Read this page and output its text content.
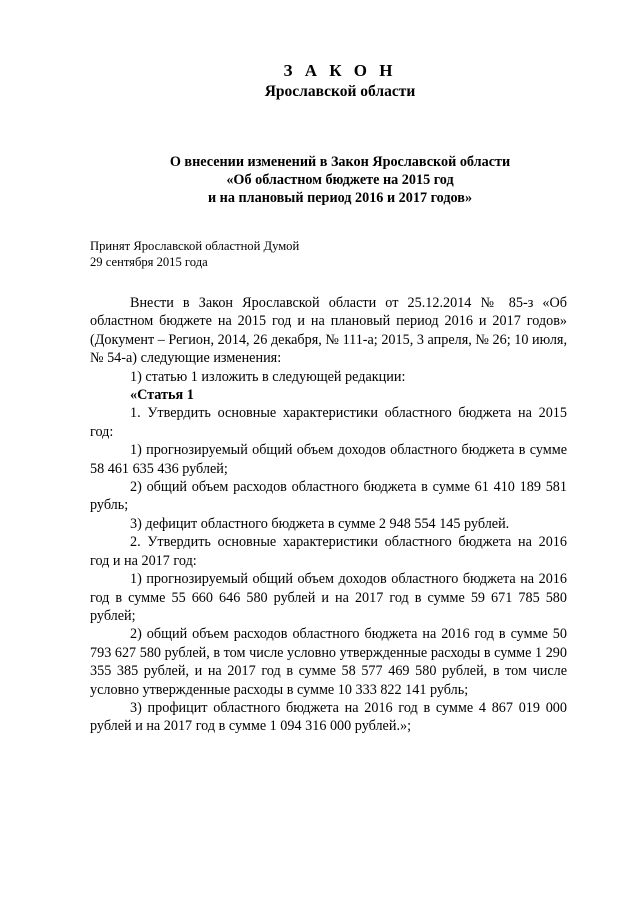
З А К О Н
Ярославской области
О внесении изменений в Закон Ярославской области
«Об областном бюджете на 2015 год
и на плановый период 2016 и 2017 годов»
Принят Ярославской областной Думой
29 сентября 2015 года

Внести в Закон Ярославской области от 25.12.2014 № 85-з «Об областном бюджете на 2015 год и на плановый период 2016 и 2017 годов» (Документ – Регион, 2014, 26 декабря, № 111-а; 2015, 3 апреля, № 26; 10 июля, № 54-а) следующие изменения:

1) статью 1 изложить в следующей редакции:

«Статья 1

1. Утвердить основные характеристики областного бюджета на 2015 год:

1) прогнозируемый общий объем доходов областного бюджета в сумме 58 461 635 436 рублей;

2) общий объем расходов областного бюджета в сумме 61 410 189 581 рубль;

3) дефицит областного бюджета в сумме 2 948 554 145 рублей.

2. Утвердить основные характеристики областного бюджета на 2016 год и на 2017 год:

1) прогнозируемый общий объем доходов областного бюджета на 2016 год в сумме 55 660 646 580 рублей и на 2017 год в сумме 59 671 785 580 рублей;

2) общий объем расходов областного бюджета на 2016 год в сумме 50 793 627 580 рублей, в том числе условно утвержденные расходы в сумме 1 290 355 385 рублей, и на 2017 год в сумме 58 577 469 580 рублей, в том числе условно утвержденные расходы в сумме 10 333 822 141 рубль;

3) профицит областного бюджета на 2016 год в сумме 4 867 019 000 рублей и на 2017 год в сумме 1 094 316 000 рублей.»;
